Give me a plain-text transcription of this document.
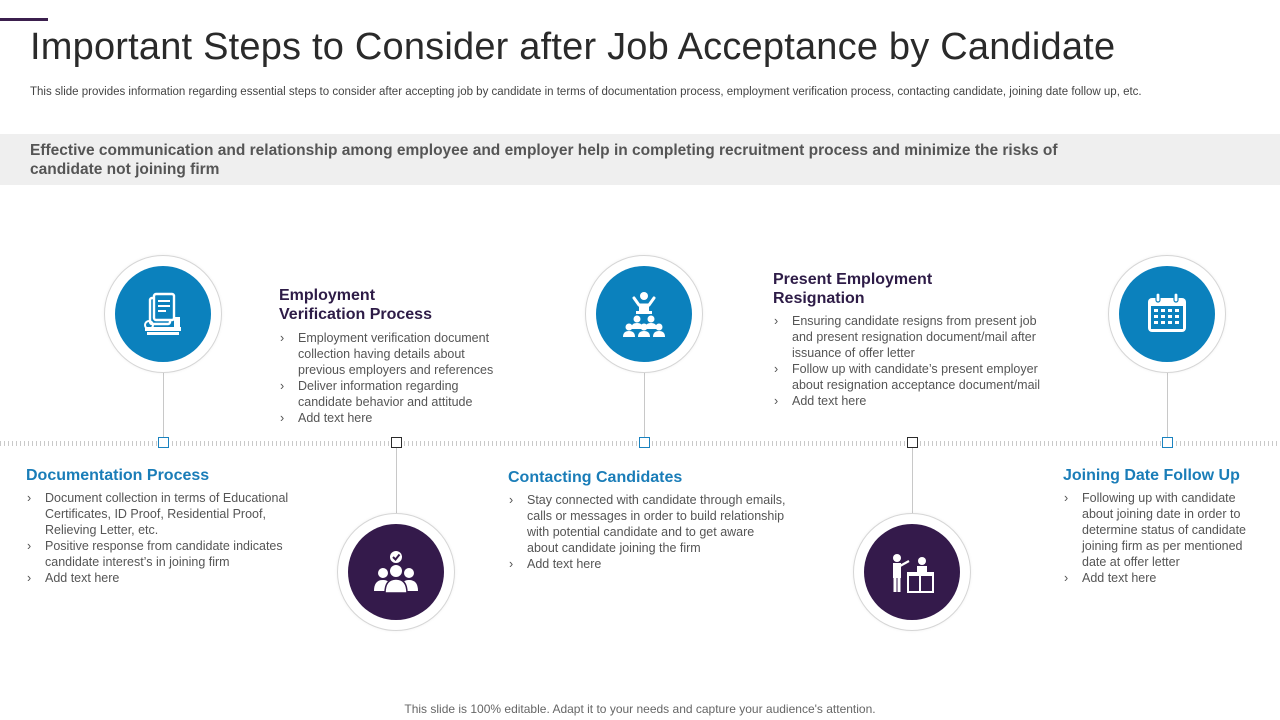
Important Steps to Consider after Job Acceptance by Candidate
This slide provides information regarding essential steps to consider after accepting job by candidate in terms of documentation process, employment verification process, contacting candidate, joining date follow up, etc.
Effective communication and relationship among employee and employer help in completing recruitment process and minimize the risks of candidate not joining firm
Documentation Process
› Document collection in terms of Educational Certificates, ID Proof, Residential Proof, Relieving Letter, etc.
› Positive response from candidate indicates candidate interest’s in joining firm
› Add text here
Employment Verification Process
› Employment verification document collection having details about previous employers and references
› Deliver information regarding candidate behavior and attitude
› Add text here
Contacting Candidates
› Stay connected with candidate through emails, calls or messages in order to build relationship with potential candidate and to get aware about candidate joining the firm
› Add text here
Present Employment Resignation
› Ensuring candidate resigns from present job and present resignation document/mail after issuance of offer letter
› Follow up with candidate’s present employer about resignation acceptance document/mail
› Add text here
Joining Date Follow Up
› Following up with candidate about joining date in order to determine status of candidate joining firm as per mentioned date at offer letter
› Add text here
This slide is 100% editable. Adapt it to your needs and capture your audience's attention.
